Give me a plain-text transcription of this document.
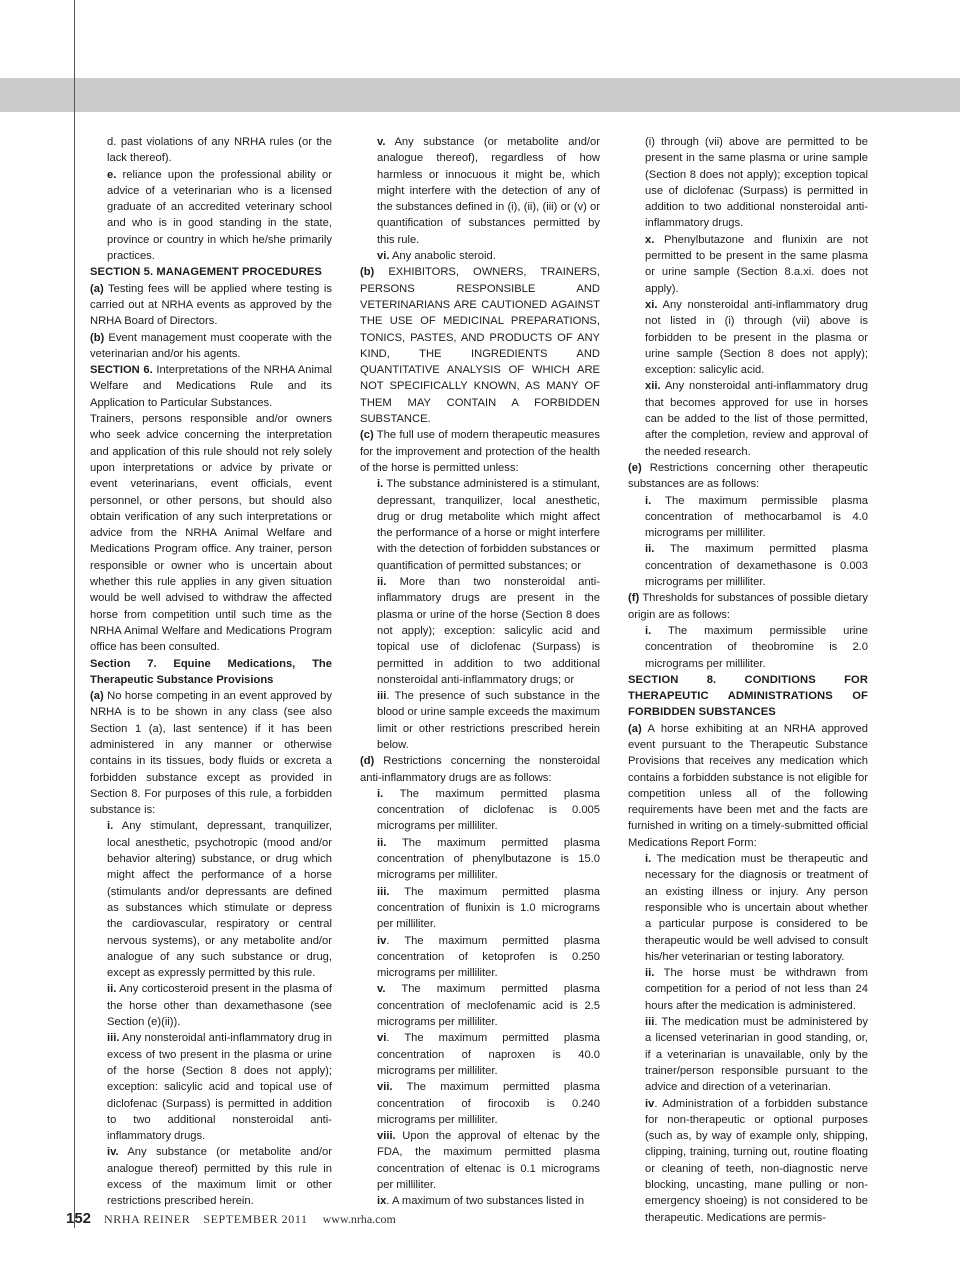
d. past violations of any NRHA rules (or the lack thereof).

e. reliance upon the professional ability or advice of a veterinarian who is a licensed graduate of an accredited veterinary school and who is in good standing in the state, province or country in which he/she primarily practices.

SECTION 5. MANAGEMENT PROCEDURES

(a) Testing fees will be applied where testing is carried out at NRHA events as approved by the NRHA Board of Directors.

(b) Event management must cooperate with the veterinarian and/or his agents.

SECTION 6. Interpretations of the NRHA Animal Welfare and Medications Rule and its Application to Particular Substances.

Trainers, persons responsible and/or owners who seek advice concerning the interpretation and application of this rule should not rely solely upon interpretations or advice by private or event veterinarians, event officials, event personnel, or other persons, but should also obtain verification of any such interpretations or advice from the NRHA Animal Welfare and Medications Program office. Any trainer, person responsible or owner who is uncertain about whether this rule applies in any given situation would be well advised to withdraw the affected horse from competition until such time as the NRHA Animal Welfare and Medications Program office has been consulted.

Section 7. Equine Medications, The Therapeutic Substance Provisions

(a) No horse competing in an event approved by NRHA is to be shown in any class (see also Section 1 (a), last sentence) if it has been administered in any manner or otherwise contains in its tissues, body fluids or excreta a forbidden substance except as provided in Section 8. For purposes of this rule, a forbidden substance is:

i. Any stimulant, depressant, tranquilizer, local anesthetic, psychotropic (mood and/or behavior altering) substance, or drug which might affect the performance of a horse (stimulants and/or depressants are defined as substances which stimulate or depress the cardiovascular, respiratory or central nervous systems), or any metabolite and/or analogue of any such substance or drug, except as expressly permitted by this rule.

ii. Any corticosteroid present in the plasma of the horse other than dexamethasone (see Section (e)(ii)).

iii. Any nonsteroidal anti-inflammatory drug in excess of two present in the plasma or urine of the horse (Section 8 does not apply); exception: salicylic acid and topical use of diclofenac (Surpass) is permitted in addition to two additional nonsteroidal anti-inflammatory drugs.

iv. Any substance (or metabolite and/or analogue thereof) permitted by this rule in excess of the maximum limit or other restrictions prescribed herein.

v. Any substance (or metabolite and/or analogue thereof), regardless of how harmless or innocuous it might be, which might interfere with the detection of any of the substances defined in (i), (ii), (iii) or (v) or quantification of substances permitted by this rule.

vi. Any anabolic steroid.

(b) EXHIBITORS, OWNERS, TRAINERS, PERSONS RESPONSIBLE AND VETERINARIANS ARE CAUTIONED AGAINST THE USE OF MEDICINAL PREPARATIONS, TONICS, PASTES, AND PRODUCTS OF ANY KIND, THE INGREDIENTS AND QUANTITATIVE ANALYSIS OF WHICH ARE NOT SPECIFICALLY KNOWN, AS MANY OF THEM MAY CONTAIN A FORBIDDEN SUBSTANCE.

(c) The full use of modern therapeutic measures for the improvement and protection of the health of the horse is permitted unless:

i. The substance administered is a stimulant, depressant, tranquilizer, local anesthetic, drug or drug metabolite which might affect the performance of a horse or might interfere with the detection of forbidden substances or quantification of permitted substances; or

ii. More than two nonsteroidal anti-inflammatory drugs are present in the plasma or urine of the horse (Section 8 does not apply); exception: salicylic acid and topical use of diclofenac (Surpass) is permitted in addition to two additional nonsteroidal anti-inflammatory drugs; or

iii. The presence of such substance in the blood or urine sample exceeds the maximum limit or other restrictions prescribed herein below.

(d) Restrictions concerning the nonsteroidal anti-inflammatory drugs are as follows:

i. The maximum permitted plasma concentration of diclofenac is 0.005 micrograms per milliliter.

ii. The maximum permitted plasma concentration of phenylbutazone is 15.0 micrograms per milliliter.

iii. The maximum permitted plasma concentration of flunixin is 1.0 micrograms per milliliter.

iv. The maximum permitted plasma concentration of ketoprofen is 0.250 micrograms per milliliter.

v. The maximum permitted plasma concentration of meclofenamic acid is 2.5 micrograms per milliliter.

vi. The maximum permitted plasma concentration of naproxen is 40.0 micrograms per milliliter.

vii. The maximum permitted plasma concentration of firocoxib is 0.240 micrograms per milliliter.

viii. Upon the approval of eltenac by the FDA, the maximum permitted plasma concentration of eltenac is 0.1 micrograms per milliliter.

ix. A maximum of two substances listed in

(i) through (vii) above are permitted to be present in the same plasma or urine sample (Section 8 does not apply); exception topical use of diclofenac (Surpass) is permitted in addition to two additional nonsteroidal anti-inflammatory drugs.

x. Phenylbutazone and flunixin are not permitted to be present in the same plasma or urine sample (Section 8.a.xi. does not apply).

xi. Any nonsteroidal anti-inflammatory drug not listed in (i) through (vii) above is forbidden to be present in the plasma or urine sample (Section 8 does not apply); exception: salicylic acid.

xii. Any nonsteroidal anti-inflammatory drug that becomes approved for use in horses can be added to the list of those permitted, after the completion, review and approval of the needed research.

(e) Restrictions concerning other therapeutic substances are as follows:

i. The maximum permissible plasma concentration of methocarbamol is 4.0 micrograms per milliliter.

ii. The maximum permitted plasma concentration of dexamethasone is 0.003 micrograms per milliliter.

(f) Thresholds for substances of possible dietary origin are as follows:

i. The maximum permissible urine concentration of theobromine is 2.0 micrograms per milliliter.

SECTION 8. CONDITIONS FOR THERAPEUTIC ADMINISTRATIONS OF FORBIDDEN SUBSTANCES

(a) A horse exhibiting at an NRHA approved event pursuant to the Therapeutic Substance Provisions that receives any medication which contains a forbidden substance is not eligible for competition unless all of the following requirements have been met and the facts are furnished in writing on a timely-submitted official Medications Report Form:

i. The medication must be therapeutic and necessary for the diagnosis or treatment of an existing illness or injury. Any person responsible who is uncertain about whether a particular purpose is considered to be therapeutic would be well advised to consult his/her veterinarian or testing laboratory.

ii. The horse must be withdrawn from competition for a period of not less than 24 hours after the medication is administered.

iii. The medication must be administered by a licensed veterinarian in good standing, or, if a veterinarian is unavailable, only by the trainer/person responsible pursuant to the advice and direction of a veterinarian.

iv. Administration of a forbidden substance for non-therapeutic or optional purposes (such as, by way of example only, shipping, clipping, training, turning out, routine floating or cleaning of teeth, non-diagnostic nerve blocking, uncasting, mane pulling or non-emergency shoeing) is not considered to be therapeutic. Medications are permis-

152 NRHA REINER SEPTEMBER 2011 www.nrha.com
